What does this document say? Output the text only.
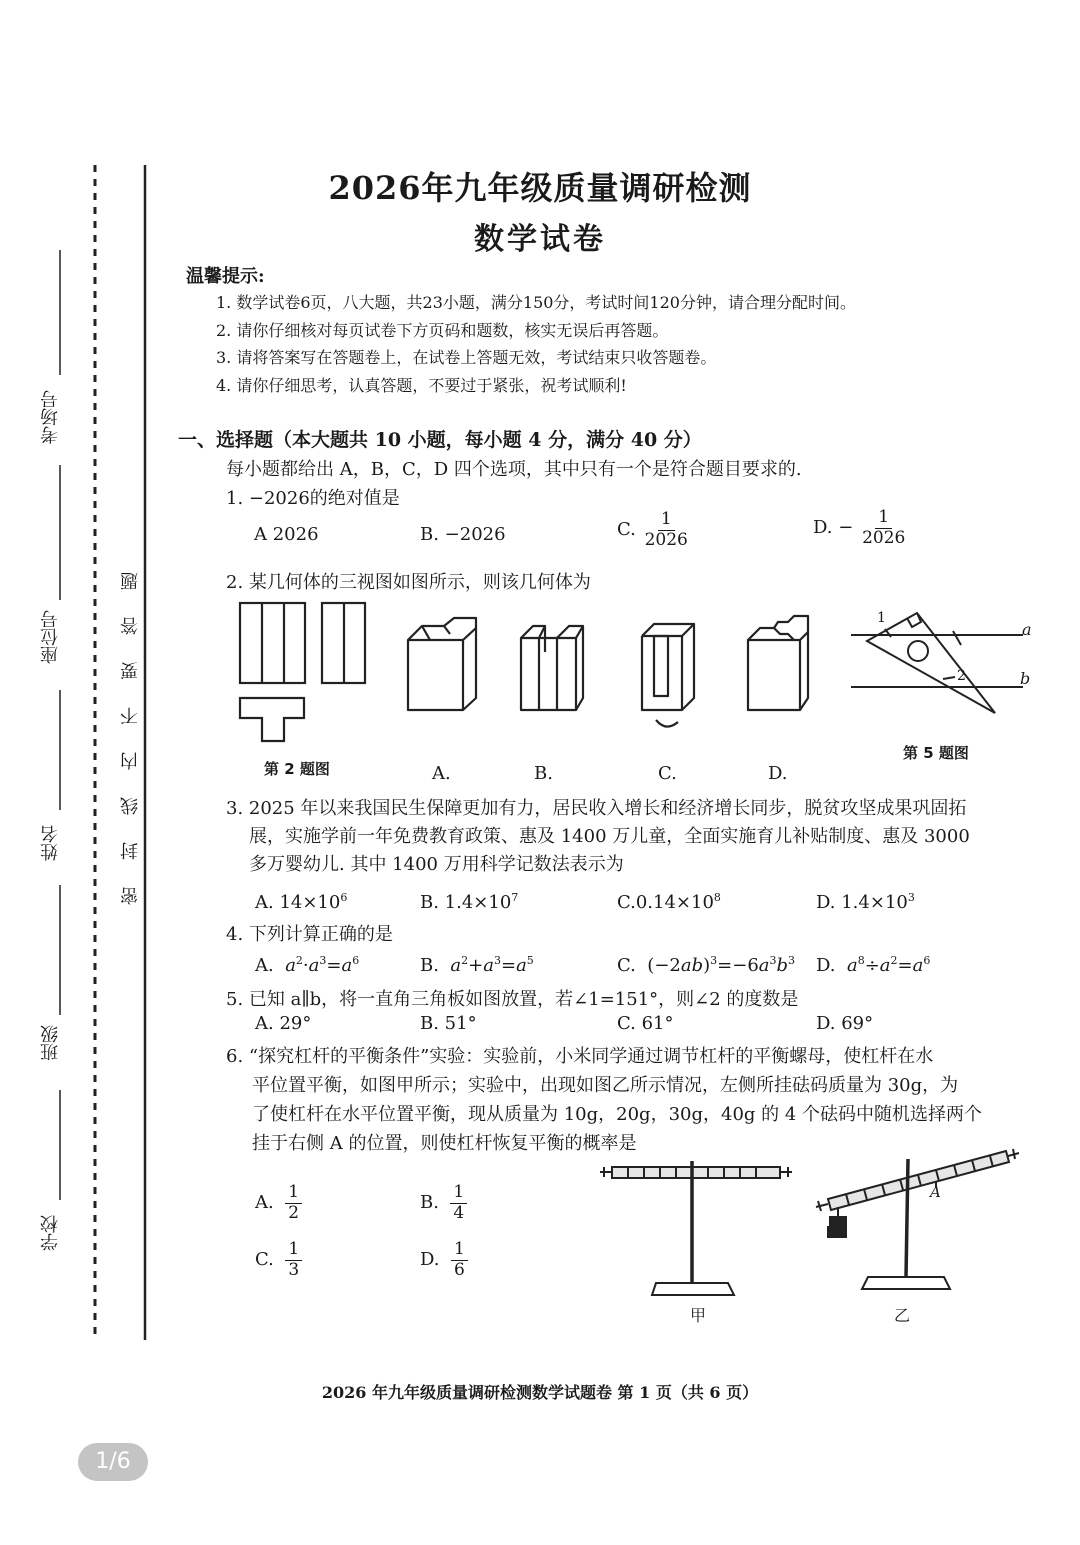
考场号
座位号
姓名
班级
学校
密封线内不要答题
2026年九年级质量调研检测
数学试卷
温馨提示:
1. 数学试卷6页，八大题，共23小题，满分150分，考试时间120分钟，请合理分配时间。
2. 请你仔细核对每页试卷下方页码和题数，核实无误后再答题。
3. 请将答案写在答题卷上，在试卷上答题无效，考试结束只收答题卷。
4. 请你仔细思考，认真答题，不要过于紧张，祝考试顺利!
一、选择题（本大题共 10 小题，每小题 4 分，满分 40 分）
每小题都给出 A，B，C，D 四个选项，其中只有一个是符合题目要求的.
1. −2026的绝对值是
A 2026	B. −2026	C. $\frac{1}{2026}$	D. − $\frac{1}{2026}$
2. 某几何体的三视图如图所示，则该几何体为
第 2 题图	A.	B.	C.	D.
a
b
1
2
第 5 题图
3. 2025 年以来我国民生保障更加有力，居民收入增长和经济增长同步，脱贫攻坚成果巩固拓
展，实施学前一年免费教育政策、惠及 1400 万儿童，全面实施育儿补贴制度、惠及 3000
多万婴幼儿. 其中 1400 万用科学记数法表示为
A. $14\times 10^6$	B. $1.4\times 10^7$	$C.0.14\times 10^8$	D. $1.4\times 10^3$
4. 下列计算正确的是
A. $a^2\cdot a^3=a^6$	B. $a^2+a^3=a^5$	C.  $(-2ab)^3=-6a^3b^3$ D. $a^8\div a^2=a^6$
5. 已知 a∥b，将一直角三角板如图放置，若∠1=151°，则∠2 的度数是
A. 29°	B. 51°	C. 61°	D. 69°
6. “探究杠杆的平衡条件”实验：实验前，小米同学通过调节杠杆的平衡螺母，使杠杆在水
平位置平衡，如图甲所示；实验中，出现如图乙所示情况，左侧所挂砝码质量为 30g，为
了使杠杆在水平位置平衡，现从质量为 10g，20g，30g，40g 的 4 个砝码中随机选择两个
挂于右侧 A 的位置，则使杠杆恢复平衡的概率是
A. $\frac{1}{2}$	B. $\frac{1}{4}$
C. $\frac{1}{3}$	D. $\frac{1}{6}$
甲
A
乙
2026 年九年级质量调研检测数学试题卷 第 1 页（共 6 页）
1/6
